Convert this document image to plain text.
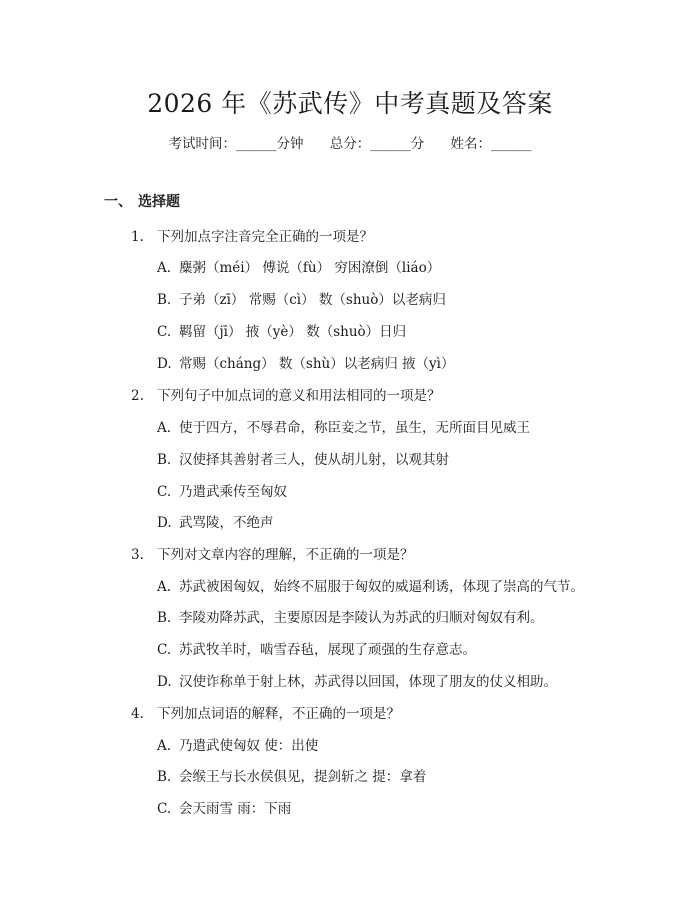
2026 年《苏武传》中考真题及答案
考试时间：______分钟 总分：______分 姓名：______
一、 选择题
1. 下列加点字注音完全正确的一项是？
A. 麋粥（méi） 傅说（fù） 穷困潦倒（liáo）
B. 子弟（zī） 常赐（cì） 数（shuò）以老病归
C. 羁留（jī） 掖（yè） 数（shuò）日归
D. 常赐（cháng） 数（shù）以老病归 掖（yì）
2. 下列句子中加点词的意义和用法相同的一项是？
A. 使于四方，不辱君命，称臣妾之节，虽生，无所面目见威王
B. 汉使择其善射者三人，使从胡儿射，以观其射
C. 乃遣武乘传至匈奴
D. 武骂陵，不绝声
3. 下列对文章内容的理解，不正确的一项是？
A. 苏武被困匈奴，始终不屈服于匈奴的威逼利诱，体现了崇高的气节。
B. 李陵劝降苏武，主要原因是李陵认为苏武的归顺对匈奴有利。
C. 苏武牧羊时，啮雪吞毡，展现了顽强的生存意志。
D. 汉使诈称单于射上林，苏武得以回国，体现了朋友的仗义相助。
4. 下列加点词语的解释，不正确的一项是？
A. 乃遣武使匈奴 使：出使
B. 会缑王与长水侯俱见，提剑斩之 提：拿着
C. 会天雨雪 雨：下雨
